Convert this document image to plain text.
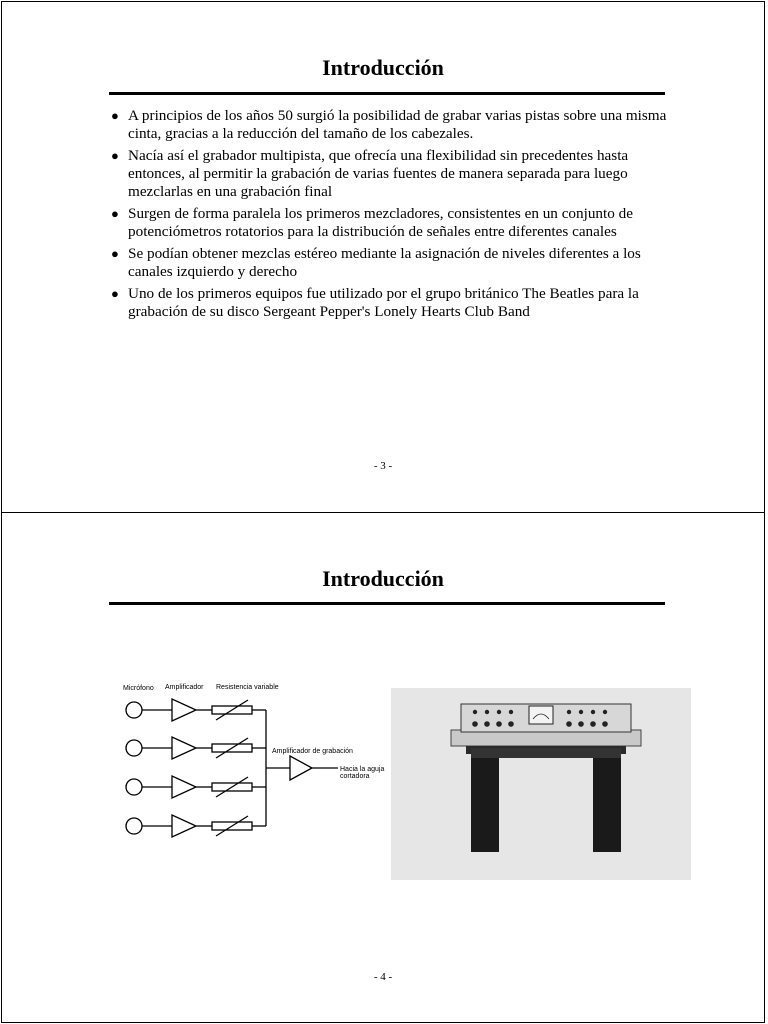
Introducción
● A principios de los años 50 surgió la posibilidad de grabar varias pistas sobre una misma cinta, gracias a la reducción del tamaño de los cabezales.
● Nacía así el grabador multipista, que ofrecía una flexibilidad sin precedentes hasta entonces, al permitir la grabación de varias fuentes de manera separada para luego mezclarlas en una grabación final
● Surgen de forma paralela los primeros mezcladores, consistentes en un conjunto de potenciómetros rotatorios para la distribución de señales entre diferentes canales
● Se podían obtener mezclas estéreo mediante la asignación de niveles diferentes a los canales izquierdo y derecho
● Uno de los primeros equipos fue utilizado por el grupo británico The Beatles para la grabación de su disco Sergeant Pepper's Lonely Hearts Club Band
- 3 -
Introducción
Micrófono Amplificador Resistencia variable
Amplificador de grabación
Hacia la aguja
cortadora
- 4 -
